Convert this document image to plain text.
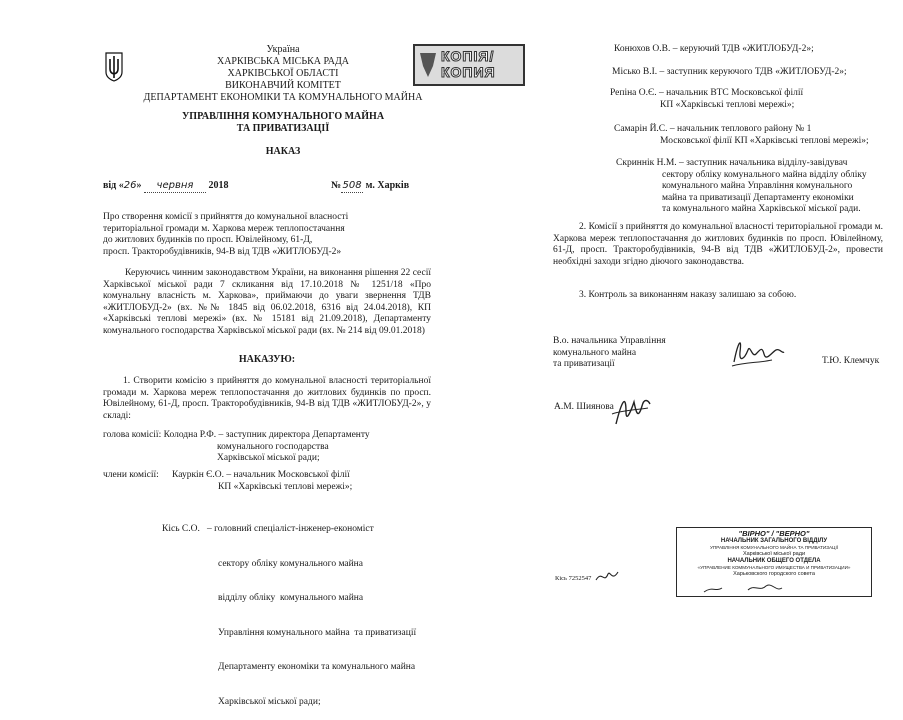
Україна
ХАРКІВСЬКА МІСЬКА РАДА
ХАРКІВСЬКОЇ ОБЛАСТІ
ВИКОНАВЧИЙ КОМІТЕТ
ДЕПАРТАМЕНТ ЕКОНОМІКИ ТА КОМУНАЛЬНОГО МАЙНА
УПРАВЛІННЯ КОМУНАЛЬНОГО МАЙНА
ТА ПРИВАТИЗАЦІЇ
НАКАЗ
КОПІЯ/
КОПИЯ
від «26» червня 2018	№508 м. Харків
Про створення комісії з прийняття до комунальної власності
територіальної громади м. Харкова мереж теплопостачання
до житлових будинків по просп. Ювілейному, 61-Д,
просп. Тракторобудівників, 94-В від ТДВ «ЖИТЛОБУД-2»
Керуючись чинним законодавством України, на виконання рішення 22 сесії Харківської міської ради 7 скликання від 17.10.2018 № 1251/18 «Про комунальну власність м. Харкова», приймаючи до уваги звернення ТДВ «ЖИТЛОБУД-2» (вх. №№ 1845 від 06.02.2018, 6316 від 24.04.2018), КП «Харківські теплові мережі» (вх. № 15181 від 21.09.2018), Департаменту комунального господарства Харківської міської ради (вх. № 214 від 09.01.2018)
НАКАЗУЮ:
1. Створити комісію з прийняття до комунальної власності територіальної громади м. Харкова мереж теплопостачання до житлових будинків по просп. Ювілейному, 61-Д, просп. Тракторобудівників, 94-В від ТДВ «ЖИТЛОБУД-2», у складі:
голова комісії: Колодна Р.Ф. – заступник директора Департаменту
комунального господарства
Харківської міської ради;
члени комісії: Кауркін Є.О. – начальник Московської філії
КП «Харківські теплові мережі»;

Кісь С.О.   – головний спеціаліст-інженер-економіст

сектору обліку комунального майна

відділу обліку  комунального майна

Управління комунального майна  та приватизації

Департаменту економіки та комунального майна

Харківської міської ради;

Конюхов О.В. – керуючий ТДВ «ЖИТЛОБУД-2»;
Місько В.І. – заступник керуючого ТДВ «ЖИТЛОБУД-2»;
Репіна О.Є. – начальник ВТС Московської філії
КП «Харківські теплові мережі»;
Самарін Й.С. – начальник теплового району № 1
Московської філії КП «Харківські теплові мережі»;
Скриннік Н.М. – заступник начальника відділу-завідувач
сектору обліку комунального майна відділу обліку
комунального майна Управління комунального
майна та приватизації Департаменту економіки
та комунального майна Харківської міської ради.
2. Комісії з прийняття до комунальної власності територіальної громади м. Харкова мереж теплопостачання до житлових будинків по просп. Ювілейному, 61-Д, просп. Тракторобудівників, 94-В від ТДВ «ЖИТЛОБУД-2», провести необхідні заходи згідно діючого законодавства.
3. Контроль за виконанням наказу залишаю за собою.
В.о. начальника Управління
комунального майна
та приватизації	Т.Ю. Клемчук
А.М. Шиянова
Кісь 7252547
"ВІРНО" / "ВЕРНО"
НАЧАЛЬНИК ЗАГАЛЬНОГО ВІДДІЛУ
УПРАВЛІННЯ КОМУНАЛЬНОГО МАЙНА ТА ПРИВАТИЗАЦІЇ
Харківської міської ради
НАЧАЛЬНИК ОБЩЕГО ОТДЕЛА
«УПРАВЛЕНИЕ КОММУНАЛЬНОГО ИМУЩЕСТВА И ПРИВАТИЗАЦИИ»
Харьковского городского совета
